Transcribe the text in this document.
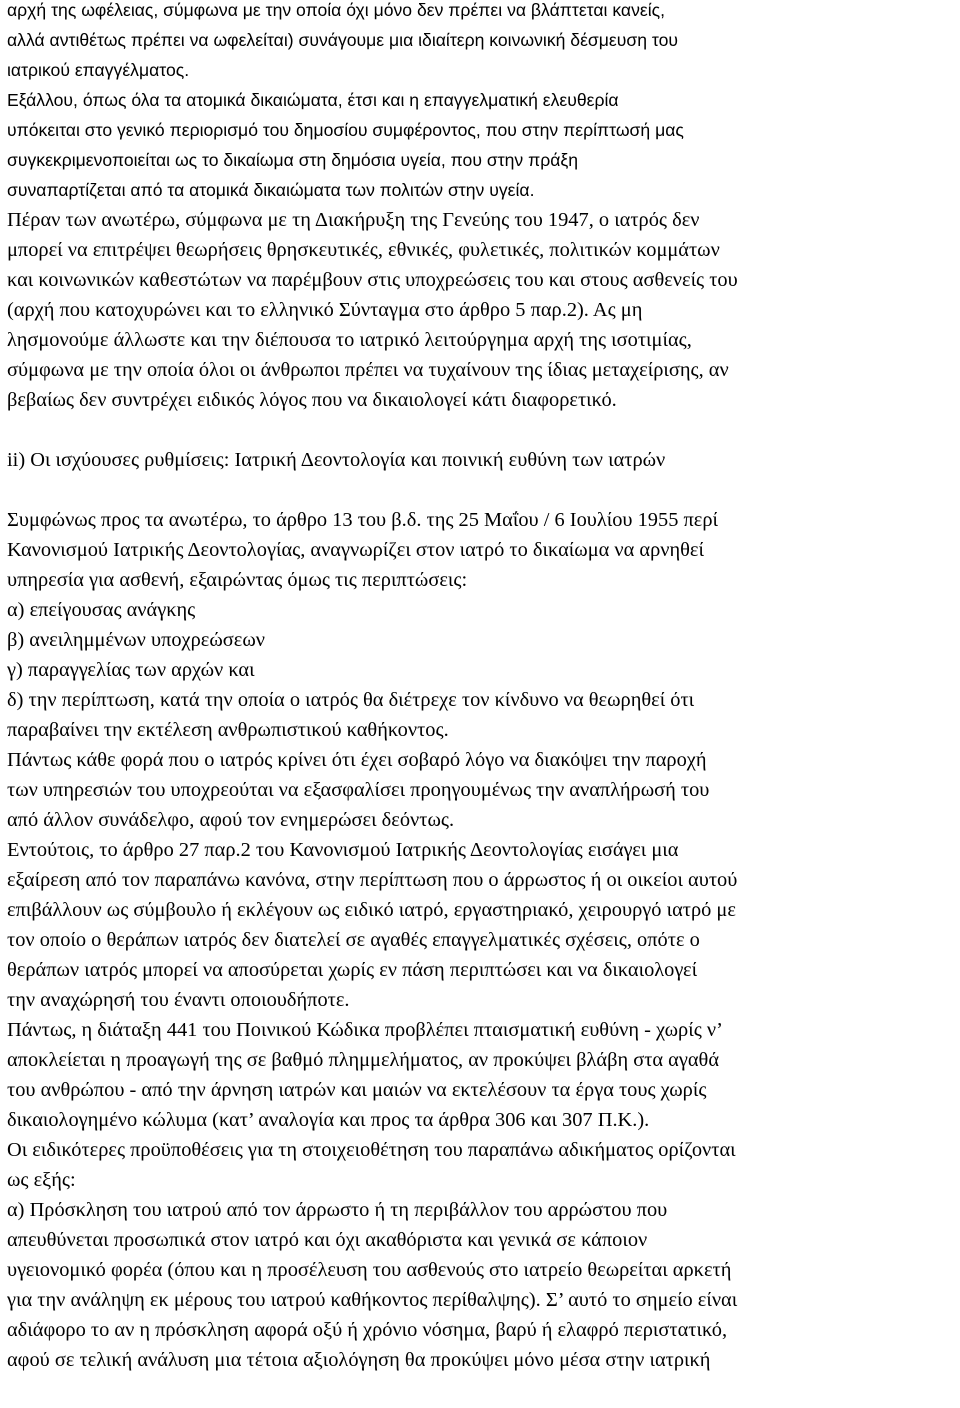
αρχή της ωφέλειας, σύμφωνα με την οποία όχι μόνο δεν πρέπει να βλάπτεται κανείς,
αλλά αντιθέτως πρέπει να ωφελείται) συνάγουμε μια ιδιαίτερη κοινωνική δέσμευση του
ιατρικού επαγγέλματος.
Εξάλλου, όπως όλα τα ατομικά δικαιώματα, έτσι και η επαγγελματική ελευθερία
υπόκειται στο γενικό περιορισμό του δημοσίου συμφέροντος, που στην περίπτωσή μας
συγκεκριμενοποιείται ως το δικαίωμα στη δημόσια υγεία, που στην πράξη
συναπαρτίζεται από τα ατομικά δικαιώματα των πολιτών στην υγεία.
Πέραν των ανωτέρω, σύμφωνα με τη Διακήρυξη της Γενεύης του 1947, ο ιατρός δεν
μπορεί να επιτρέψει θεωρήσεις θρησκευτικές, εθνικές, φυλετικές, πολιτικών κομμάτων
και κοινωνικών καθεστώτων να παρέμβουν στις υποχρεώσεις του και στους ασθενείς του
(αρχή που κατοχυρώνει και το ελληνικό Σύνταγμα στο άρθρο 5 παρ.2). Ας μη
λησμονούμε άλλωστε και την διέπουσα το ιατρικό λειτούργημα αρχή της ισοτιμίας,
σύμφωνα με την οποία όλοι οι άνθρωποι πρέπει να τυχαίνουν της ίδιας μεταχείρισης, αν
βεβαίως δεν συντρέχει ειδικός λόγος που να δικαιολογεί κάτι διαφορετικό.
ii) Οι ισχύουσες ρυθμίσεις: Ιατρική Δεοντολογία και ποινική ευθύνη των ιατρών
Συμφώνως προς τα ανωτέρω, το άρθρο 13 του β.δ. της 25 Μαΐου / 6 Ιουλίου 1955 περί
Κανονισμού Ιατρικής Δεοντολογίας, αναγνωρίζει στον ιατρό το δικαίωμα να αρνηθεί
υπηρεσία για ασθενή, εξαιρώντας όμως τις περιπτώσεις:
α) επείγουσας ανάγκης
β) ανειλημμένων υποχρεώσεων
γ) παραγγελίας των αρχών και
δ) την περίπτωση, κατά την οποία ο ιατρός θα διέτρεχε τον κίνδυνο να θεωρηθεί ότι
παραβαίνει την εκτέλεση ανθρωπιστικού καθήκοντος.
Πάντως κάθε φορά που ο ιατρός κρίνει ότι έχει σοβαρό λόγο να διακόψει την παροχή
των υπηρεσιών του υποχρεούται να εξασφαλίσει προηγουμένως την αναπλήρωσή του
από άλλον συνάδελφο, αφού τον ενημερώσει δεόντως.
Εντούτοις, το άρθρο 27 παρ.2 του Κανονισμού Ιατρικής Δεοντολογίας εισάγει μια
εξαίρεση από τον παραπάνω κανόνα, στην περίπτωση που ο άρρωστος ή οι οικείοι αυτού
επιβάλλουν ως σύμβουλο ή εκλέγουν ως ειδικό ιατρό, εργαστηριακό, χειρουργό ιατρό με
τον οποίο ο θεράπων ιατρός δεν διατελεί σε αγαθές επαγγελματικές σχέσεις, οπότε ο
θεράπων ιατρός μπορεί να αποσύρεται χωρίς εν πάση περιπτώσει και να δικαιολογεί
την αναχώρησή του έναντι οποιουδήποτε.
Πάντως, η διάταξη 441 του Ποινικού Κώδικα προβλέπει πταισματική ευθύνη - χωρίς ν’
αποκλείεται η προαγωγή της σε βαθμό πλημμελήματος, αν προκύψει βλάβη στα αγαθά
του ανθρώπου - από την άρνηση ιατρών και μαιών να εκτελέσουν τα έργα τους χωρίς
δικαιολογημένο κώλυμα (κατ’ αναλογία και προς τα άρθρα 306 και 307 Π.Κ.).
Οι ειδικότερες προϋποθέσεις για τη στοιχειοθέτηση του παραπάνω αδικήματος ορίζονται
ως εξής:
α) Πρόσκληση του ιατρού από τον άρρωστο ή τη περιβάλλον του αρρώστου που
απευθύνεται προσωπικά στον ιατρό και όχι ακαθόριστα και γενικά σε κάποιον
υγειονομικό φορέα (όπου και η προσέλευση του ασθενούς στο ιατρείο θεωρείται αρκετή
για την ανάληψη εκ μέρους του ιατρού καθήκοντος περίθαλψης). Σ’ αυτό το σημείο είναι
αδιάφορο το αν η πρόσκληση αφορά οξύ ή χρόνιο νόσημα, βαρύ ή ελαφρό περιστατικό,
αφού σε τελική ανάλυση μια τέτοια αξιολόγηση θα προκύψει μόνο μέσα στην ιατρική
